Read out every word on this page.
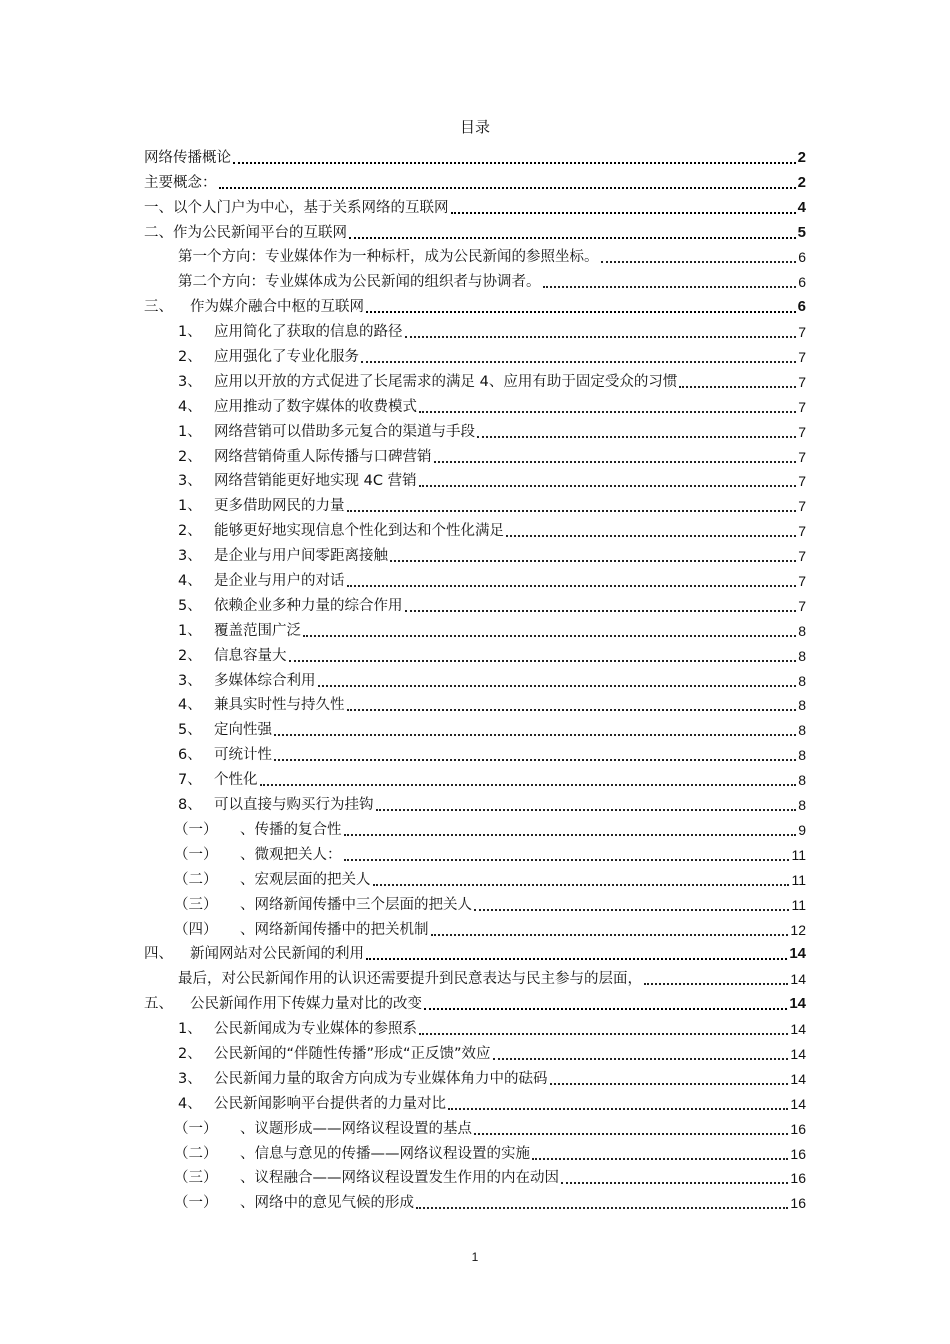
目录
网络传播概论	2
主要概念：	2
一、以个人门户为中心，基于关系网络的互联网	4
二、作为公民新闻平台的互联网	5
第一个方向：专业媒体作为一种标杆，成为公民新闻的参照坐标。	6
第二个方向：专业媒体成为公民新闻的组织者与协调者。	6
三、	作为媒介融合中枢的互联网	6
1、 应用简化了获取的信息的路径	7
2、 应用强化了专业化服务	7
3、 应用以开放的方式促进了长尾需求的满足 4、应用有助于固定受众的习惯	7
4、 应用推动了数字媒体的收费模式	7
1、 网络营销可以借助多元复合的渠道与手段	7
2、 网络营销倚重人际传播与口碑营销	7
3、 网络营销能更好地实现 4C 营销	7
1、 更多借助网民的力量	7
2、 能够更好地实现信息个性化到达和个性化满足	7
3、 是企业与用户间零距离接触	7
4、 是企业与用户的对话	7
5、 依赖企业多种力量的综合作用	7
1、 覆盖范围广泛	8
2、 信息容量大	8
3、 多媒体综合利用	8
4、 兼具实时性与持久性	8
5、 定向性强	8
6、 可统计性	8
7、 个性化	8
8、 可以直接与购买行为挂钩	8
（一）	、传播的复合性	9
（一）	、微观把关人：	11
（二）	、宏观层面的把关人	11
（三）	、网络新闻传播中三个层面的把关人	11
（四）	、网络新闻传播中的把关机制	12
四、	新闻网站对公民新闻的利用	14
最后，对公民新闻作用的认识还需要提升到民意表达与民主参与的层面，	14
五、	公民新闻作用下传媒力量对比的改变	14
1、 公民新闻成为专业媒体的参照系	14
2、 公民新闻的“伴随性传播”形成“正反馈”效应	14
3、 公民新闻力量的取舍方向成为专业媒体角力中的砝码	14
4、 公民新闻影响平台提供者的力量对比	14
（一）	、议题形成——网络议程设置的基点	16
（二）	、信息与意见的传播——网络议程设置的实施	16
（三）	、议程融合——网络议程设置发生作用的内在动因	16
（一）	、网络中的意见气候的形成	16
1
